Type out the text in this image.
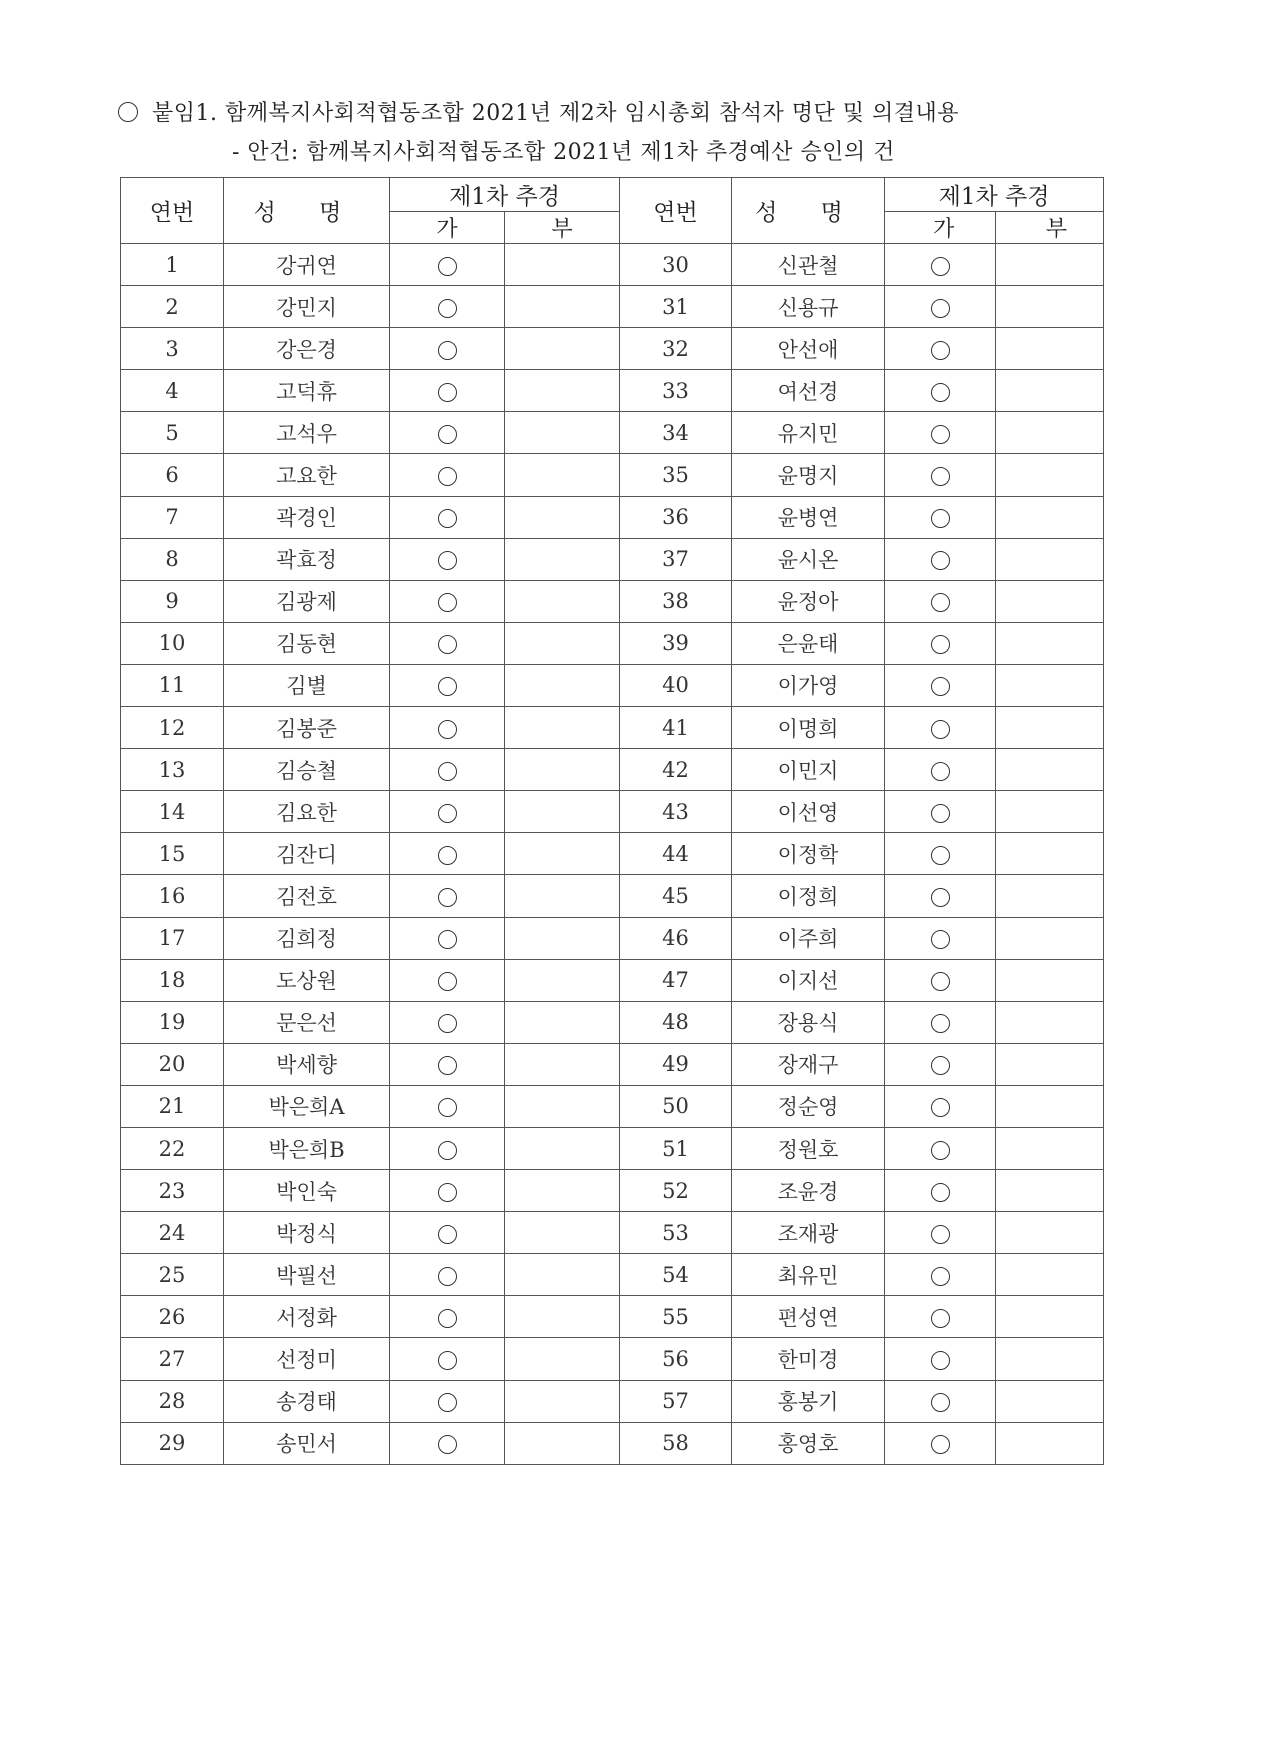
붙임1. 함께복지사회적협동조합 2021년 제2차 임시총회 참석자 명단 및 의결내용
- 안건: 함께복지사회적협동조합 2021년 제1차 추경예산 승인의 건
연번	성 명	제1차 추경		연번	성 명	제1차 추경	
		가	부			가	부
1	강귀연			30	신관철		
2	강민지			31	신용규		
3	강은경			32	안선애		
4	고덕휴			33	여선경		
5	고석우			34	유지민		
6	고요한			35	윤명지		
7	곽경인			36	윤병연		
8	곽효정			37	윤시온		
9	김광제			38	윤정아		
10	김동현			39	은윤태		
11	김별			40	이가영		
12	김봉준			41	이명희		
13	김승철			42	이민지		
14	김요한			43	이선영		
15	김잔디			44	이정학		
16	김전호			45	이정희		
17	김희정			46	이주희		
18	도상원			47	이지선		
19	문은선			48	장용식		
20	박세향			49	장재구		
21	박은희A			50	정순영		
22	박은희B			51	정원호		
23	박인숙			52	조윤경		
24	박정식			53	조재광		
25	박필선			54	최유민		
26	서정화			55	편성연		
27	선정미			56	한미경		
28	송경태			57	홍봉기		
29	송민서			58	홍영호		
